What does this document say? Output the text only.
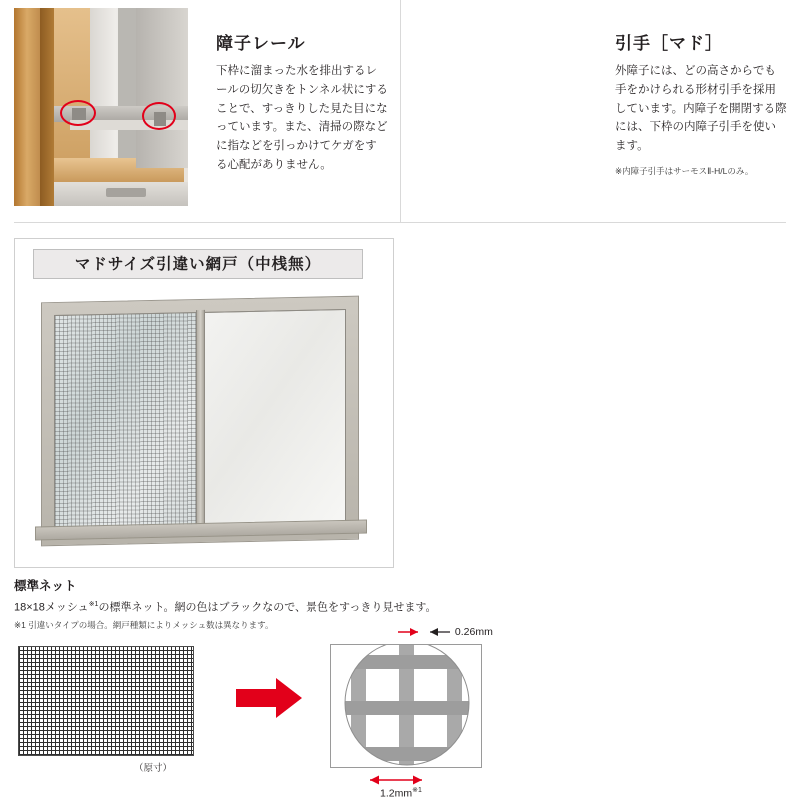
障子レール

下枠に溜まった水を排出するレールの切欠きをトンネル状にすることで、すっきりした見た目になっています。また、清掃の際などに指などを引っかけてケガをする心配がありません。

引手［マド］

外障子には、どの高さからでも手をかけられる形材引手を採用しています。内障子を開閉する際には、下枠の内障子引手を使います。

※内障子引手はサーモスⅡ-H/Lのみ。

マドサイズ引違い網戸（中桟無）

標準ネット

18×18メッシュ$^{※1}$の標準ネット。網の色はブラックなので、景色をすっきり見せます。

※1 引違いタイプの場合。網戸種類によりメッシュ数は異なります。

（原寸）
0.26mm

$1.2mm^{※1}$
